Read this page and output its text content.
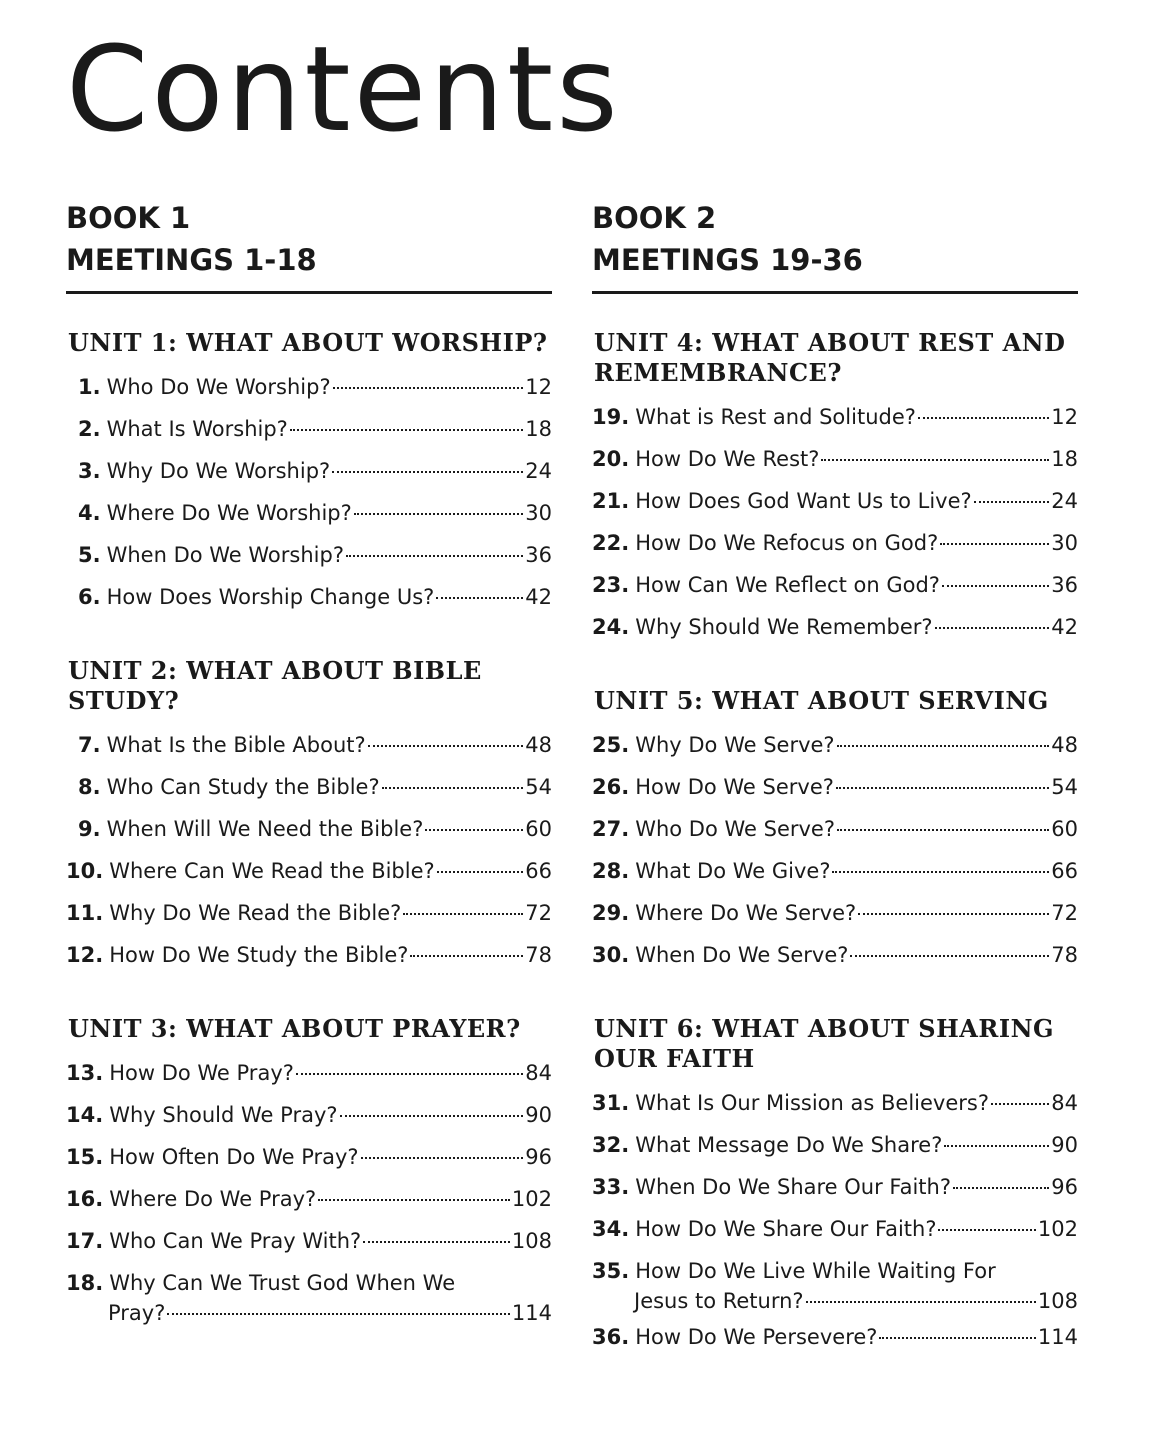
Contents
BOOK 1
MEETINGS 1-18
UNIT 1: WHAT ABOUT WORSHIP?
1. Who Do We Worship?	12
2. What Is Worship?	18
3. Why Do We Worship?	24
4. Where Do We Worship?	30
5. When Do We Worship?	36
6. How Does Worship Change Us?	42
UNIT 2: WHAT ABOUT BIBLE STUDY?
7. What Is the Bible About?	48
8. Who Can Study the Bible?	54
9. When Will We Need the Bible?	60
10. Where Can We Read the Bible?	66
11. Why Do We Read the Bible?	72
12. How Do We Study the Bible?	78
UNIT 3: WHAT ABOUT PRAYER?
13. How Do We Pray?	84
14. Why Should We Pray?	90
15. How Often Do We Pray?	96
16. Where Do We Pray?	102
17. Who Can We Pray With?	108
18. Why Can We Trust God When We
Pray?	114
BOOK 2
MEETINGS 19-36
UNIT 4: WHAT ABOUT REST AND REMEMBRANCE?
19. What is Rest and Solitude?	12
20. How Do We Rest?	18
21. How Does God Want Us to Live?	24
22. How Do We Refocus on God?	30
23. How Can We Reflect on God?	36
24. Why Should We Remember?	42
UNIT 5: WHAT ABOUT SERVING
25. Why Do We Serve?	48
26. How Do We Serve?	54
27. Who Do We Serve?	60
28. What Do We Give?	66
29. Where Do We Serve?	72
30. When Do We Serve?	78
UNIT 6: WHAT ABOUT SHARING OUR FAITH
31. What Is Our Mission as Believers?	84
32. What Message Do We Share?	90
33. When Do We Share Our Faith?	96
34. How Do We Share Our Faith?	102
35. How Do We Live While Waiting For
Jesus to Return?	108
36. How Do We Persevere?	114
